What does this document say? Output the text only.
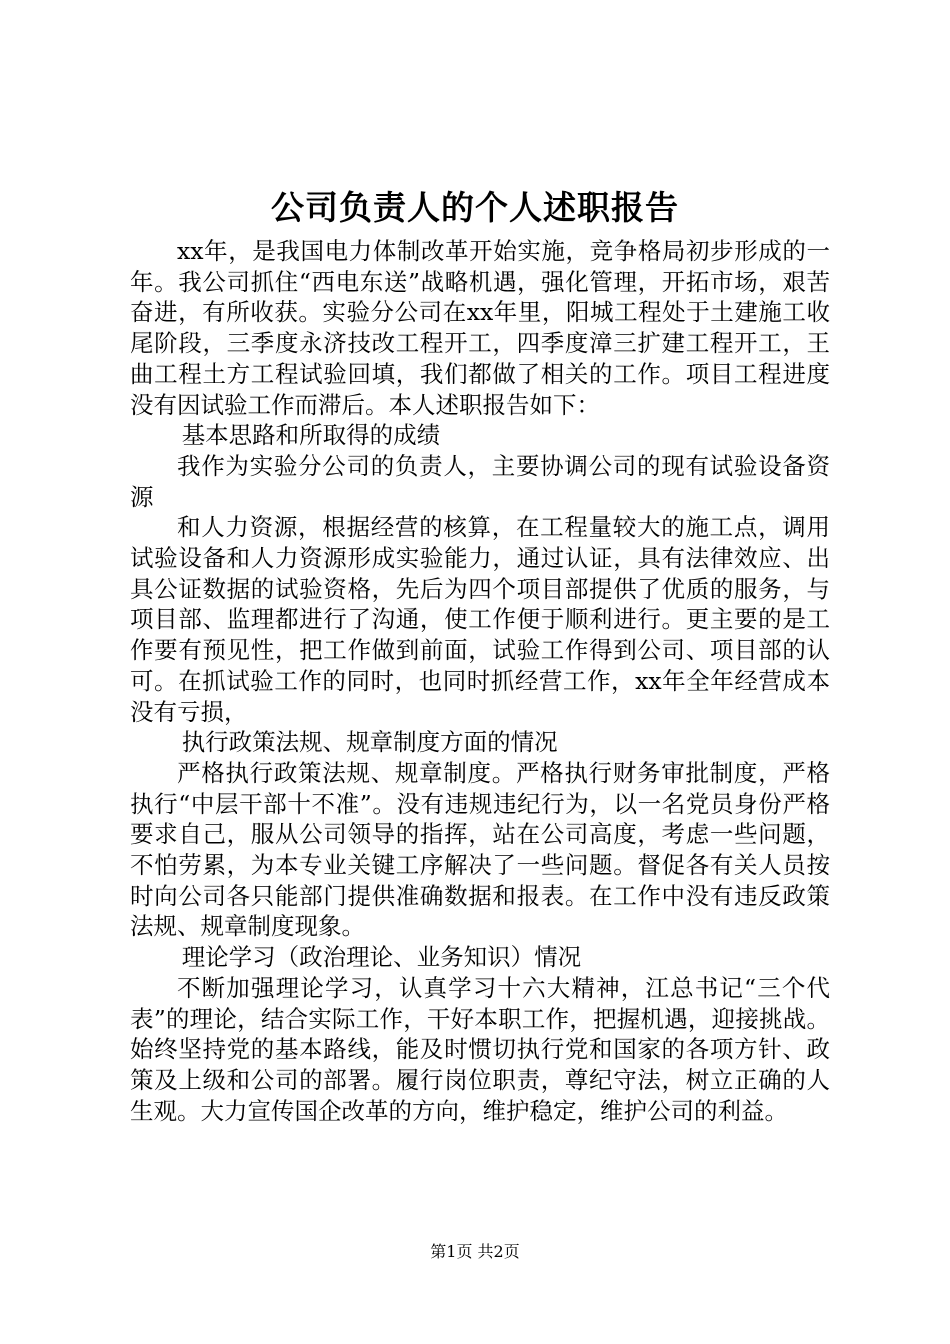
公司负责人的个人述职报告

xx年，是我国电力体制改革开始实施，竞争格局初步形成的一年。我公司抓住“西电东送”战略机遇，强化管理，开拓市场，艰苦奋进，有所收获。实验分公司在xx年里，阳城工程处于土建施工收尾阶段，三季度永济技改工程开工，四季度漳三扩建工程开工，王曲工程土方工程试验回填，我们都做了相关的工作。项目工程进度没有因试验工作而滞后。本人述职报告如下：

基本思路和所取得的成绩

我作为实验分公司的负责人，主要协调公司的现有试验设备资源

和人力资源，根据经营的核算，在工程量较大的施工点，调用试验设备和人力资源形成实验能力，通过认证，具有法律效应、出具公证数据的试验资格，先后为四个项目部提供了优质的服务，与项目部、监理都进行了沟通，使工作便于顺利进行。更主要的是工作要有预见性，把工作做到前面，试验工作得到公司、项目部的认可。在抓试验工作的同时，也同时抓经营工作，xx年全年经营成本没有亏损，

执行政策法规、规章制度方面的情况

严格执行政策法规、规章制度。严格执行财务审批制度，严格执行“中层干部十不准”。没有违规违纪行为，以一名党员身份严格要求自己，服从公司领导的指挥，站在公司高度，考虑一些问题，不怕劳累，为本专业关键工序解决了一些问题。督促各有关人员按时向公司各只能部门提供准确数据和报表。在工作中没有违反政策法规、规章制度现象。

理论学习（政治理论、业务知识）情况

不断加强理论学习，认真学习十六大精神，江总书记“三个代表”的理论，结合实际工作，干好本职工作，把握机遇，迎接挑战。始终坚持党的基本路线，能及时惯切执行党和国家的各项方针、政策及上级和公司的部署。履行岗位职责，尊纪守法，树立正确的人生观。大力宣传国企改革的方向，维护稳定，维护公司的利益。

第1页 共2页
